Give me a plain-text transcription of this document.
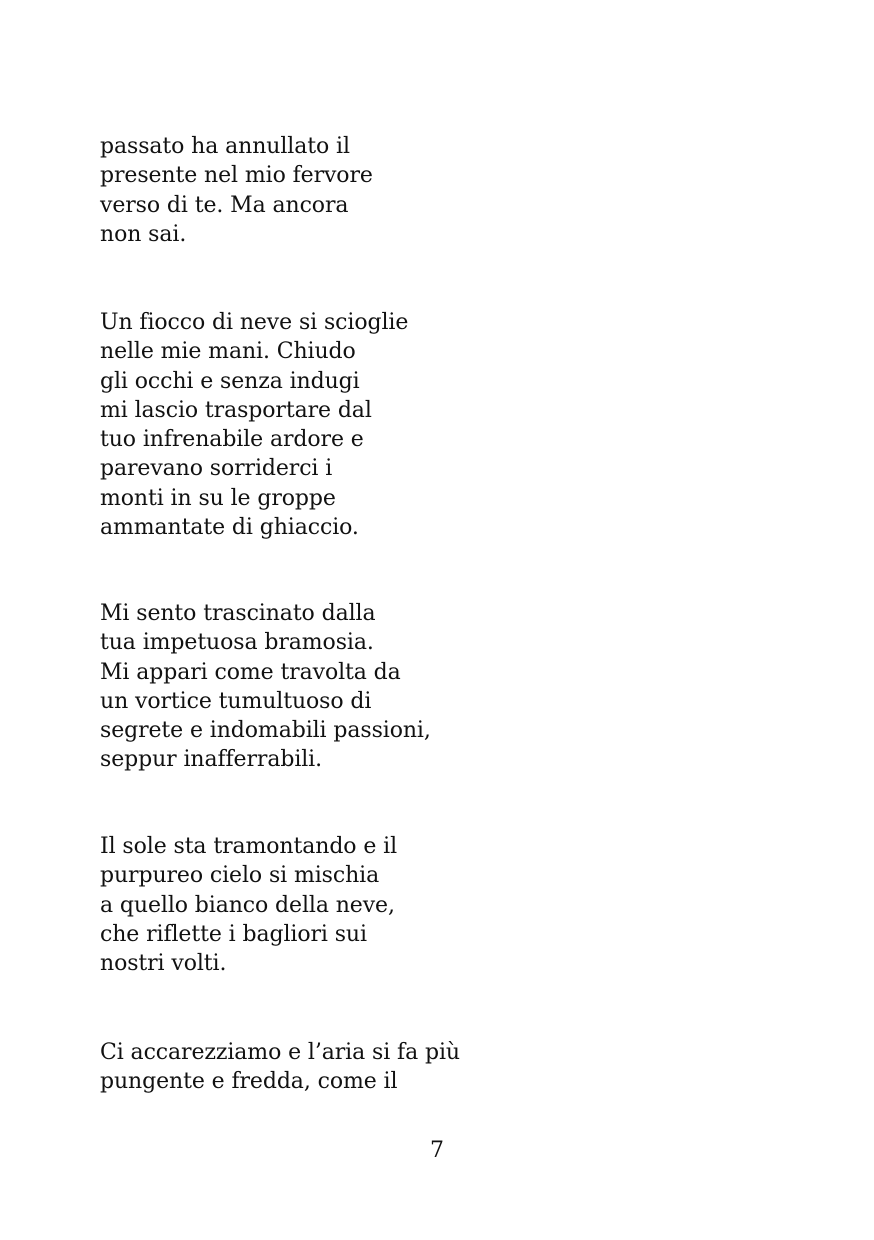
passato ha annullato il
presente nel mio fervore
verso di te. Ma ancora
non sai.
Un fiocco di neve si scioglie
nelle mie mani. Chiudo
gli occhi e senza indugi
mi lascio trasportare dal
tuo infrenabile ardore e
parevano sorriderci i
monti in su le groppe
ammantate di ghiaccio.
Mi sento trascinato dalla
tua impetuosa bramosia.
Mi appari come travolta da
un vortice tumultuoso di
segrete e indomabili passioni,
seppur inafferrabili.
Il sole sta tramontando e il
purpureo cielo si mischia
a quello bianco della neve,
che riflette i bagliori sui
nostri volti.
Ci accarezziamo e l’aria si fa più
pungente e fredda, come il
7
